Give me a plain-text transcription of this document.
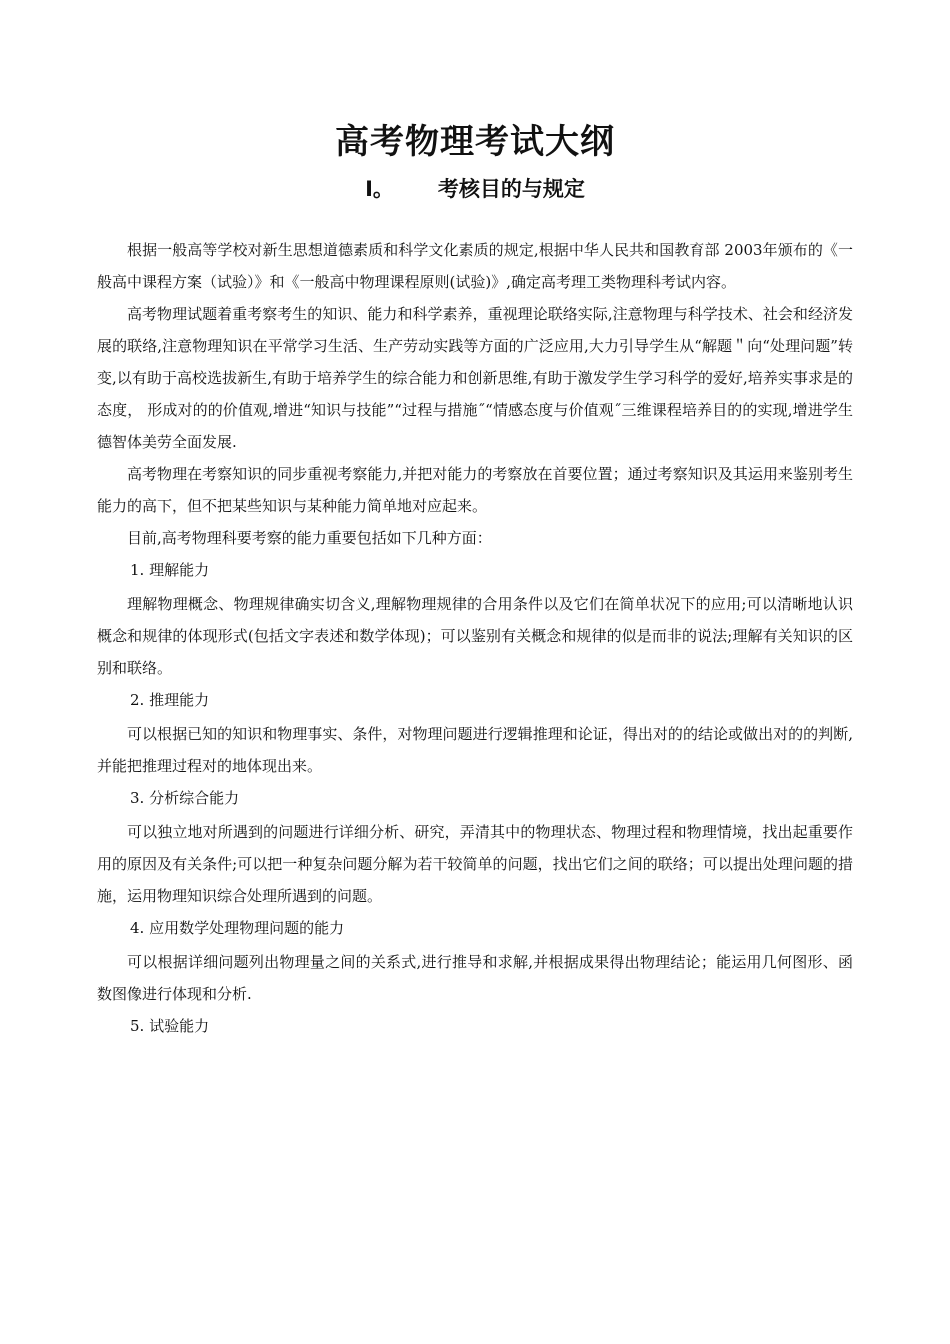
高考物理考试大纲
Ⅰ。 考核目的与规定

根据一般高等学校对新生思想道德素质和科学文化素质的规定,根据中华人民共和国教育部 2003年颁布的《一般高中课程方案（试验）》和《一般高中物理课程原则(试验)》,确定高考理工类物理科考试内容。

高考物理试题着重考察考生的知识、能力和科学素养，重视理论联络实际,注意物理与科学技术、社会和经济发展的联络,注意物理知识在平常学习生活、生产劳动实践等方面的广泛应用,大力引导学生从“解题＂向“处理问题”转变,以有助于高校选拔新生,有助于培养学生的综合能力和创新思维,有助于激发学生学习科学的爱好,培养实事求是的态度， 形成对的的价值观,增进“知识与技能”“过程与措施˝“情感态度与价值观˝三维课程培养目的的实现,增进学生德智体美劳全面发展.

高考物理在考察知识的同步重视考察能力,并把对能力的考察放在首要位置；通过考察知识及其运用来鉴别考生能力的高下，但不把某些知识与某种能力简单地对应起来。

目前,高考物理科要考察的能力重要包括如下几种方面：

1. 理解能力

理解物理概念、物理规律确实切含义,理解物理规律的合用条件以及它们在简单状况下的应用;可以清晰地认识概念和规律的体现形式(包括文字表述和数学体现)；可以鉴别有关概念和规律的似是而非的说法;理解有关知识的区别和联络。

2. 推理能力

可以根据已知的知识和物理事实、条件，对物理问题进行逻辑推理和论证，得出对的的结论或做出对的的判断,并能把推理过程对的地体现出来。

3. 分析综合能力

可以独立地对所遇到的问题进行详细分析、研究，弄清其中的物理状态、物理过程和物理情境，找出起重要作用的原因及有关条件;可以把一种复杂问题分解为若干较简单的问题，找出它们之间的联络；可以提出处理问题的措施，运用物理知识综合处理所遇到的问题。

4. 应用数学处理物理问题的能力

可以根据详细问题列出物理量之间的关系式,进行推导和求解,并根据成果得出物理结论；能运用几何图形、函数图像进行体现和分析.

5. 试验能力
